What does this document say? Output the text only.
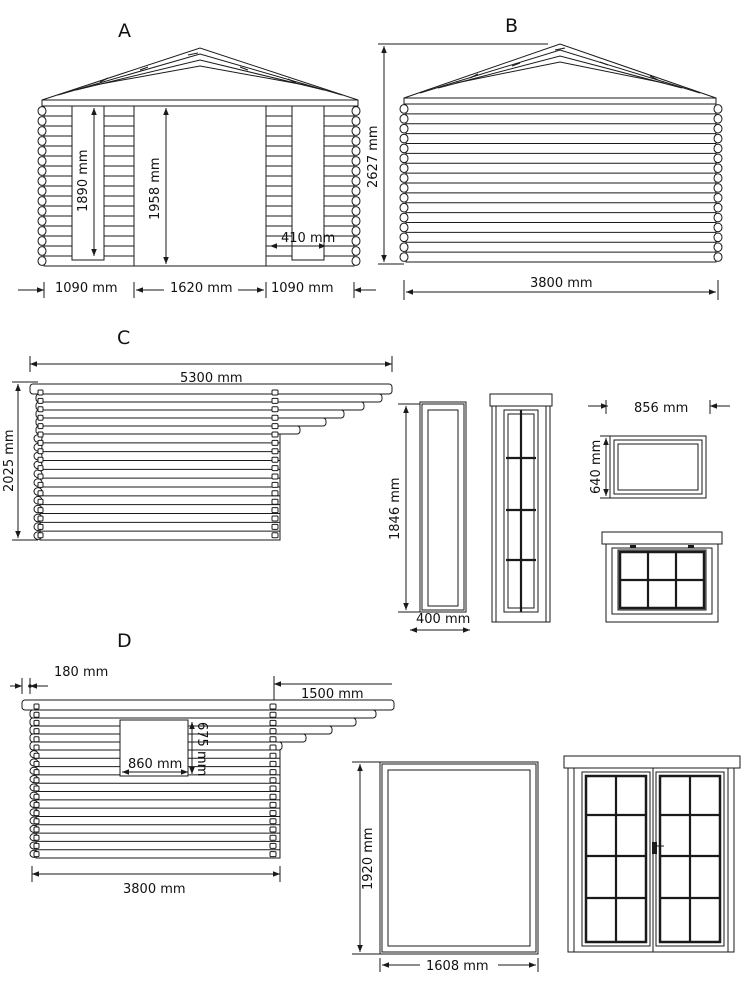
A
1890 mm	1958 mm
410 mm
1090 mm	1620 mm	1090 mm
B
2627 mm
3800 mm
C
5300 mm
2025 mm
1846 mm
400 mm
856 mm
640 mm
D
180 mm
1500 mm
860 mm 675 mm
3800 mm	1920 mm
1608 mm
